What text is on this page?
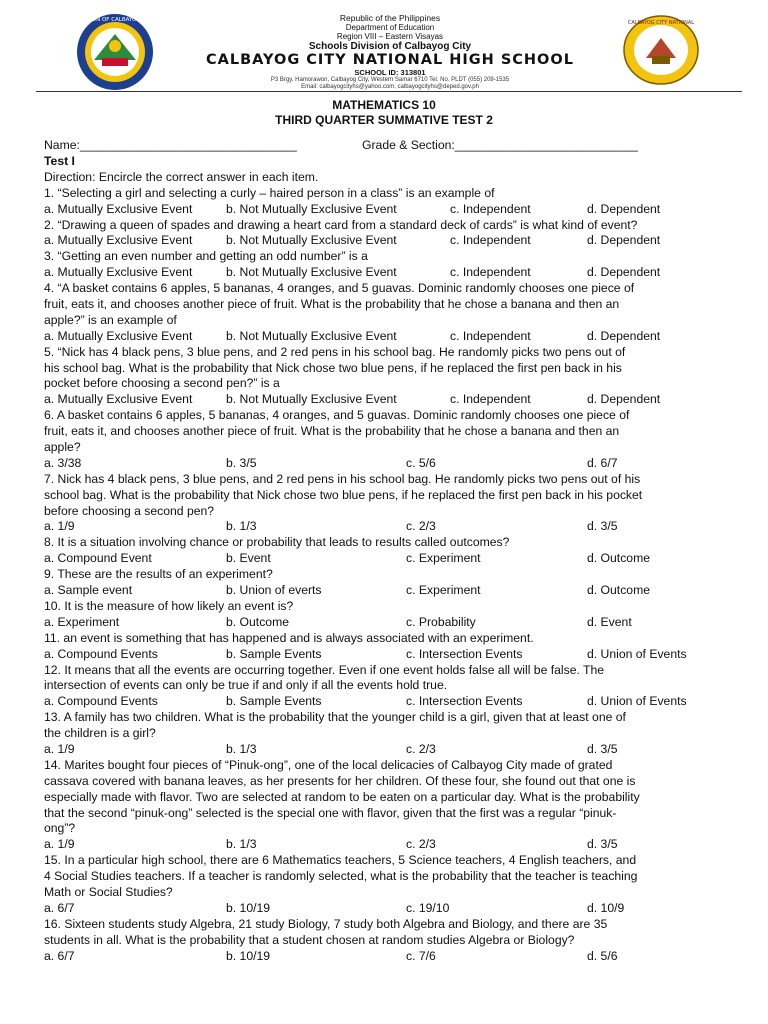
DIVISION OF CALBAYOG CITY	Republic of the Philippines
Department of Education
Region VIII – Eastern Visayas
Schools Division of Calbayog City
CALBAYOG CITY NATIONAL HIGH SCHOOL
SCHOOL ID: 313801
P3 Brgy. Hamorawon, Calbayog City, Western Samar 6710 Tel. No. PLDT (055) 209-1535
Email: calbayogcityhs@yahoo.com, calbayogcityhs@deped.gov.ph
CALBAYOG CITY NATIONAL
MATHEMATICS 10
THIRD QUARTER SUMMATIVE TEST 2
Name:________________________________	Grade & Section:___________________________
Test I
Direction: Encircle the correct answer in each item.
1. “Selecting a girl and selecting a curly – haired person in a class” is an example of
a. Mutually Exclusive Event	b. Not Mutually Exclusive Event	c. Independent	d. Dependent
2. “Drawing a queen of spades and drawing a heart card from a standard deck of cards” is what kind of event?
a. Mutually Exclusive Event	b. Not Mutually Exclusive Event	c. Independent	d. Dependent
3. “Getting an even number and getting an odd number” is a
a. Mutually Exclusive Event	b. Not Mutually Exclusive Event	c. Independent	d. Dependent
4. “A basket contains 6 apples, 5 bananas, 4 oranges, and 5 guavas. Dominic randomly chooses one piece of
fruit, eats it, and chooses another piece of fruit. What is the probability that he chose a banana and then an
apple?” is an example of
a. Mutually Exclusive Event	b. Not Mutually Exclusive Event	c. Independent	d. Dependent
5. “Nick has 4 black pens, 3 blue pens, and 2 red pens in his school bag. He randomly picks two pens out of
his school bag. What is the probability that Nick chose two blue pens, if he replaced the first pen back in his
pocket before choosing a second pen?” is a
a. Mutually Exclusive Event	b. Not Mutually Exclusive Event	c. Independent	d. Dependent
6. A basket contains 6 apples, 5 bananas, 4 oranges, and 5 guavas. Dominic randomly chooses one piece of
fruit, eats it, and chooses another piece of fruit. What is the probability that he chose a banana and then an
apple?
a. 3/38	b. 3/5	c. 5/6	d. 6/7
7. Nick has 4 black pens, 3 blue pens, and 2 red pens in his school bag. He randomly picks two pens out of his
school bag. What is the probability that Nick chose two blue pens, if he replaced the first pen back in his pocket
before choosing a second pen?
a. 1/9	b. 1/3	c. 2/3	d. 3/5
8. It is a situation involving chance or probability that leads to results called outcomes?
a. Compound Event	b. Event	c. Experiment	d. Outcome
9. These are the results of an experiment?
a. Sample event	b. Union of everts	c. Experiment	d. Outcome
10. It is the measure of how likely an event is?
a. Experiment	b. Outcome	c. Probability	d. Event
11. an event is something that has happened and is always associated with an experiment.
a. Compound Events	b. Sample Events	c. Intersection Events	d. Union of Events
12. It means that all the events are occurring together. Even if one event holds false all will be false. The
intersection of events can only be true if and only if all the events hold true.
a. Compound Events	b. Sample Events	c. Intersection Events	d. Union of Events
13. A family has two children. What is the probability that the younger child is a girl, given that at least one of
the children is a girl?
a. 1/9	b. 1/3	c. 2/3	d. 3/5
14. Marites bought four pieces of “Pinuk-ong”, one of the local delicacies of Calbayog City made of grated
cassava covered with banana leaves, as her presents for her children. Of these four, she found out that one is
especially made with flavor. Two are selected at random to be eaten on a particular day. What is the probability
that the second “pinuk-ong” selected is the special one with flavor, given that the first was a regular “pinuk-
ong”?
a. 1/9	b. 1/3	c. 2/3	d. 3/5
15. In a particular high school, there are 6 Mathematics teachers, 5 Science teachers, 4 English teachers, and
4 Social Studies teachers. If a teacher is randomly selected, what is the probability that the teacher is teaching
Math or Social Studies?
a. 6/7	b. 10/19	c. 19/10	d. 10/9
16. Sixteen students study Algebra, 21 study Biology, 7 study both Algebra and Biology, and there are 35
students in all. What is the probability that a student chosen at random studies Algebra or Biology?
a. 6/7	b. 10/19	c. 7/6	d. 5/6
